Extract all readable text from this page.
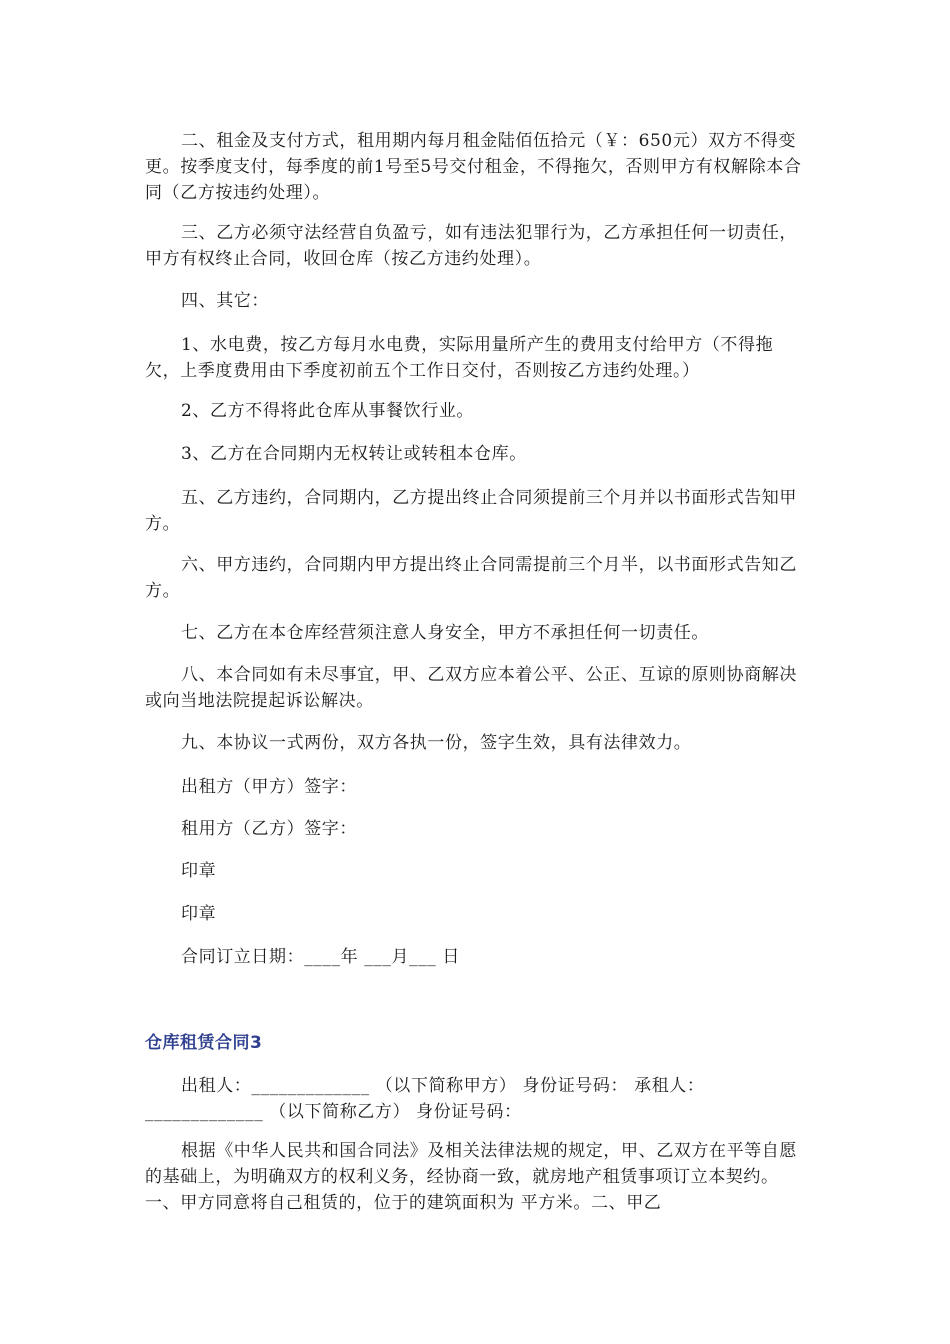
二、租金及支付方式，租用期内每月租金陆佰伍拾元（￥：650元）双方不得变更。按季度支付，每季度的前1号至5号交付租金，不得拖欠，否则甲方有权解除本合同（乙方按违约处理）。

三、乙方必须守法经营自负盈亏，如有违法犯罪行为，乙方承担任何一切责任，甲方有权终止合同，收回仓库（按乙方违约处理）。

四、其它：

1、水电费，按乙方每月水电费，实际用量所产生的费用支付给甲方（不得拖欠，上季度费用由下季度初前五个工作日交付，否则按乙方违约处理。）

2、乙方不得将此仓库从事餐饮行业。

3、乙方在合同期内无权转让或转租本仓库。

五、乙方违约，合同期内，乙方提出终止合同须提前三个月并以书面形式告知甲方。

六、甲方违约，合同期内甲方提出终止合同需提前三个月半，以书面形式告知乙方。

七、乙方在本仓库经营须注意人身安全，甲方不承担任何一切责任。

八、本合同如有未尽事宜，甲、乙双方应本着公平、公正、互谅的原则协商解决或向当地法院提起诉讼解决。

九、本协议一式两份，双方各执一份，签字生效，具有法律效力。

出租方（甲方）签字：

租用方（乙方）签字：

印章

印章

合同订立日期：____年 ___月___ 日

仓库租赁合同3

出租人：_____________ （以下简称甲方） 身份证号码： 承租人：_____________ （以下简称乙方） 身份证号码：

根据《中华人民共和国合同法》及相关法律法规的规定，甲、乙双方在平等自愿的基础上，为明确双方的权利义务，经协商一致，就房地产租赁事项订立本契约。一、甲方同意将自己租赁的，位于的建筑面积为 平方米。二、甲乙
